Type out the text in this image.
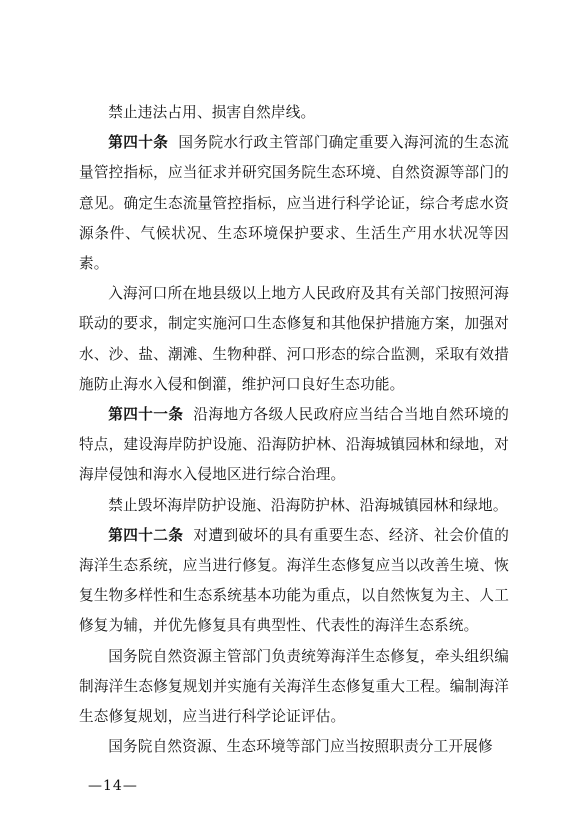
禁止违法占用、损害自然岸线。

第四十条 国务院水行政主管部门确定重要入海河流的生态流量管控指标，应当征求并研究国务院生态环境、自然资源等部门的意见。确定生态流量管控指标，应当进行科学论证，综合考虑水资源条件、气候状况、生态环境保护要求、生活生产用水状况等因素。

入海河口所在地县级以上地方人民政府及其有关部门按照河海联动的要求，制定实施河口生态修复和其他保护措施方案，加强对水、沙、盐、潮滩、生物种群、河口形态的综合监测，采取有效措施防止海水入侵和倒灌，维护河口良好生态功能。

第四十一条 沿海地方各级人民政府应当结合当地自然环境的特点，建设海岸防护设施、沿海防护林、沿海城镇园林和绿地，对海岸侵蚀和海水入侵地区进行综合治理。

禁止毁坏海岸防护设施、沿海防护林、沿海城镇园林和绿地。

第四十二条 对遭到破坏的具有重要生态、经济、社会价值的海洋生态系统，应当进行修复。海洋生态修复应当以改善生境、恢复生物多样性和生态系统基本功能为重点，以自然恢复为主、人工修复为辅，并优先修复具有典型性、代表性的海洋生态系统。

国务院自然资源主管部门负责统筹海洋生态修复，牵头组织编制海洋生态修复规划并实施有关海洋生态修复重大工程。编制海洋生态修复规划，应当进行科学论证评估。

国务院自然资源、生态环境等部门应当按照职责分工开展修

—14—
